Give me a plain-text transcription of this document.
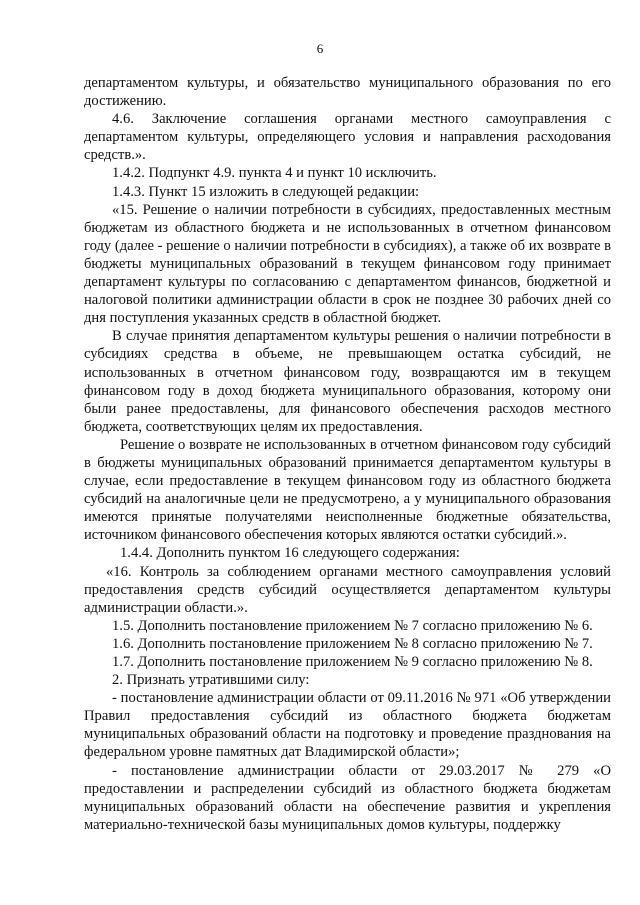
6

департаментом культуры, и обязательство муниципального образования по его достижению.

4.6. Заключение соглашения органами местного самоуправления с департаментом культуры, определяющего условия и направления расходования средств.».

1.4.2. Подпункт 4.9. пункта 4 и пункт 10 исключить.

1.4.3. Пункт 15 изложить в следующей редакции:

«15. Решение о наличии потребности в субсидиях, предоставленных местным бюджетам из областного бюджета и не использованных в отчетном финансовом году (далее - решение о наличии потребности в субсидиях), а также об их возврате в бюджеты муниципальных образований в текущем финансовом году принимает департамент культуры по согласованию с департаментом финансов, бюджетной и налоговой политики администрации области в срок не позднее 30 рабочих дней со дня поступления указанных средств в областной бюджет.

В случае принятия департаментом культуры решения о наличии потребности в субсидиях средства в объеме, не превышающем остатка субсидий, не использованных в отчетном финансовом году, возвращаются им в текущем финансовом году в доход бюджета муниципального образования, которому они были ранее предоставлены, для финансового обеспечения расходов местного бюджета, соответствующих целям их предоставления.

Решение о возврате не использованных в отчетном финансовом году субсидий в бюджеты муниципальных образований принимается департаментом культуры в случае, если предоставление в текущем финансовом году из областного бюджета субсидий на аналогичные цели не предусмотрено, а у муниципального образования имеются принятые получателями неисполненные бюджетные обязательства, источником финансового обеспечения которых являются остатки субсидий.».

1.4.4. Дополнить пунктом 16 следующего содержания:

«16. Контроль за соблюдением органами местного самоуправления условий предоставления средств субсидий осуществляется департаментом культуры администрации области.».

1.5. Дополнить постановление приложением № 7 согласно приложению № 6.

1.6. Дополнить постановление приложением № 8 согласно приложению № 7.

1.7. Дополнить постановление приложением № 9 согласно приложению № 8.

2. Признать утратившими силу:

- постановление администрации области от 09.11.2016 № 971 «Об утверждении Правил предоставления субсидий из областного бюджета бюджетам муниципальных образований области на подготовку и проведение празднования на федеральном уровне памятных дат Владимирской области»;

- постановление администрации области от 29.03.2017 № 279 «О предоставлении и распределении субсидий из областного бюджета бюджетам муниципальных образований области на обеспечение развития и укрепления материально-технической базы муниципальных домов культуры, поддержку
